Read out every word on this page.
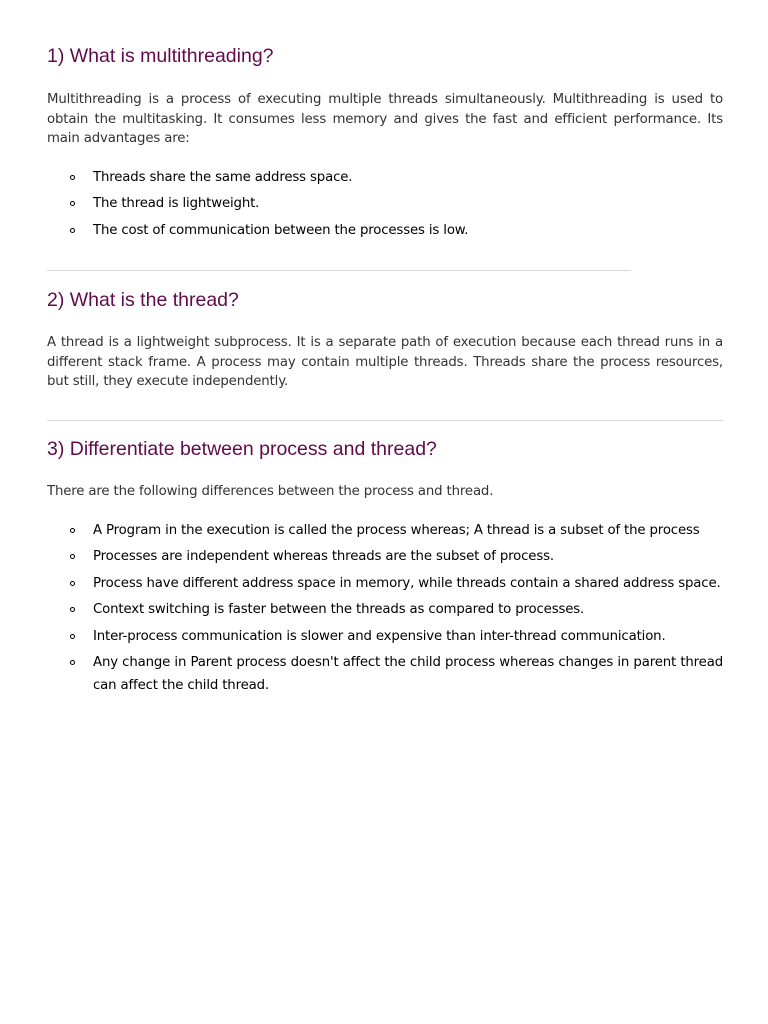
1) What is multithreading?

Multithreading is a process of executing multiple threads simultaneously. Multithreading is used to obtain the multitasking. It consumes less memory and gives the fast and efficient performance. Its main advantages are:

Threads share the same address space.
The thread is lightweight.
The cost of communication between the processes is low.
2) What is the thread?

A thread is a lightweight subprocess. It is a separate path of execution because each thread runs in a different stack frame. A process may contain multiple threads. Threads share the process resources, but still, they execute independently.

3) Differentiate between process and thread?

There are the following differences between the process and thread.

A Program in the execution is called the process whereas; A thread is a subset of the process
Processes are independent whereas threads are the subset of process.
Process have different address space in memory, while threads contain a shared address space.
Context switching is faster between the threads as compared to processes.
Inter-process communication is slower and expensive than inter-thread communication.
Any change in Parent process doesn't affect the child process whereas changes in parent thread can affect the child thread.
